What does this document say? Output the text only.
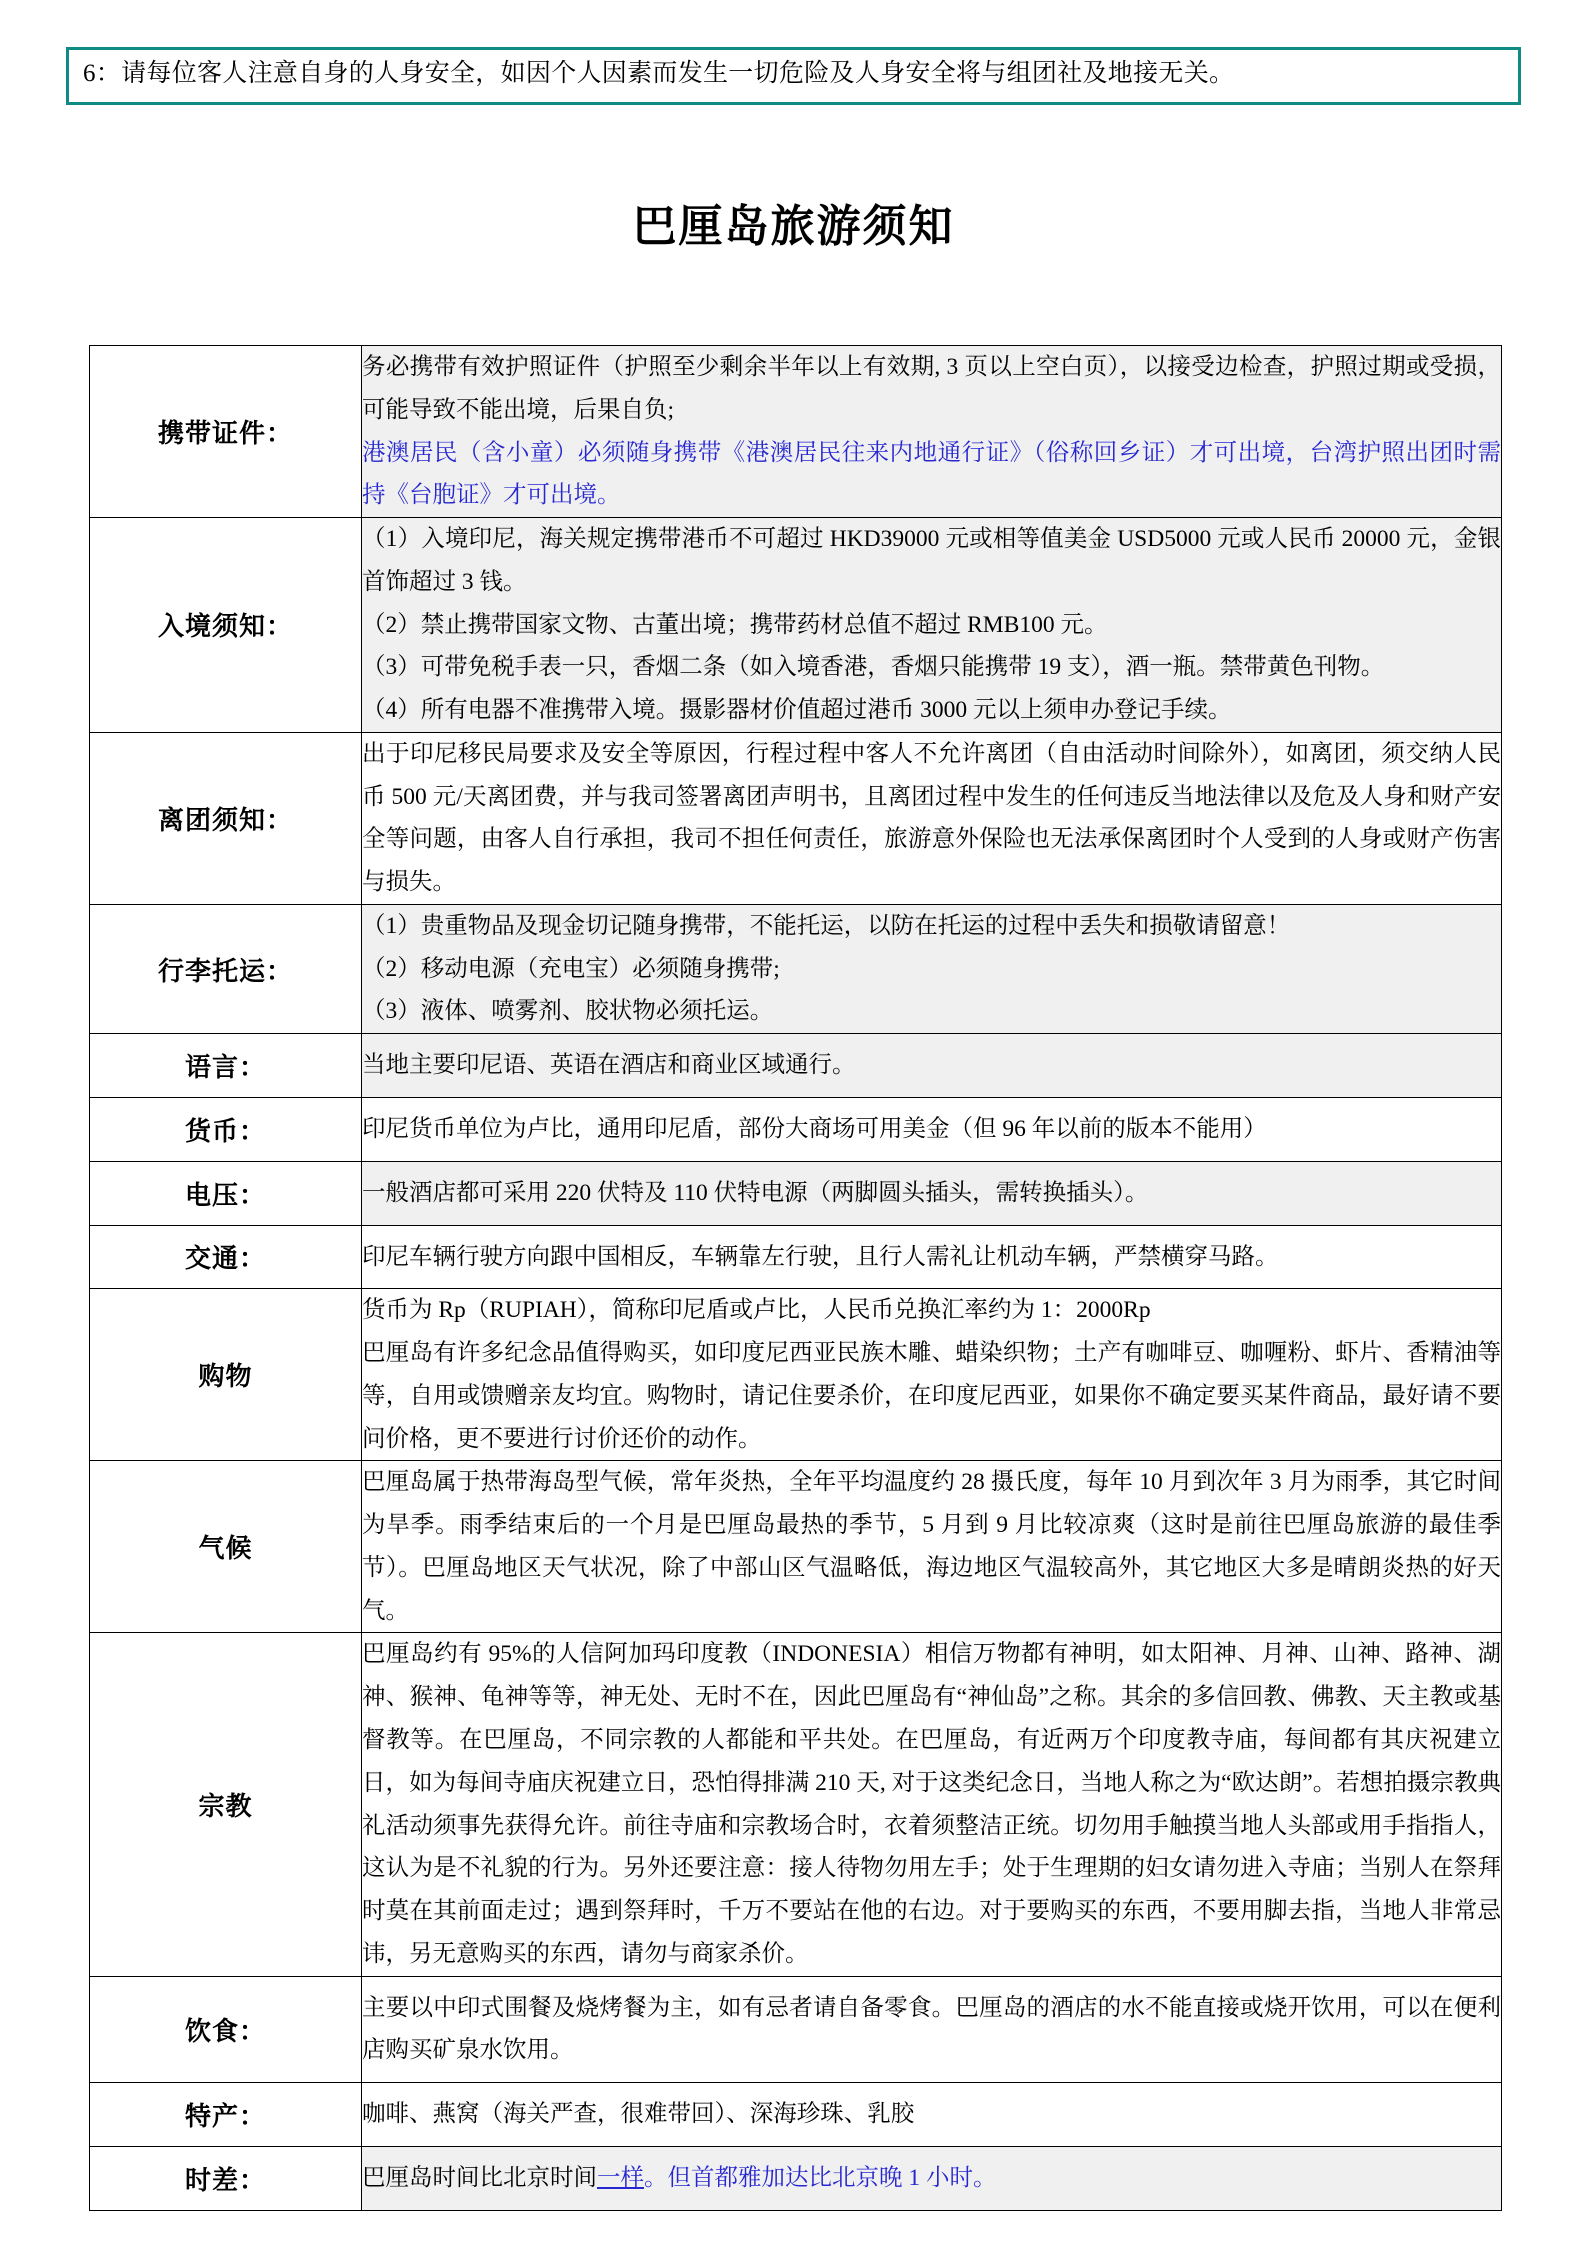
6：请每位客人注意自身的人身安全，如因个人因素而发生一切危险及人身安全将与组团社及地接无关。
巴厘岛旅游须知
携带证件：	务必携带有效护照证件（护照至少剩余半年以上有效期, 3 页以上空白页），以接受边检查，护照过期或受损，可能导致不能出境，后果自负;
港澳居民（含小童）必须随身携带《港澳居民往来内地通行证》（俗称回乡证）才可出境，台湾护照出团时需持《台胞证》才可出境。

入境须知：	（1）入境印尼，海关规定携带港币不可超过 HKD39000 元或相等值美金 USD5000 元或人民币 20000 元，金银首饰超过 3 钱。
（2）禁止携带国家文物、古董出境；携带药材总值不超过 RMB100 元。
（3）可带免税手表一只，香烟二条（如入境香港，香烟只能携带 19 支），酒一瓶。禁带黄色刊物。
（4）所有电器不准携带入境。摄影器材价值超过港币 3000 元以上须申办登记手续。

离团须知：	出于印尼移民局要求及安全等原因，行程过程中客人不允许离团（自由活动时间除外），如离团，须交纳人民币 500 元/天离团费，并与我司签署离团声明书，且离团过程中发生的任何违反当地法律以及危及人身和财产安全等问题，由客人自行承担，我司不担任何责任，旅游意外保险也无法承保离团时个人受到的人身或财产伤害与损失。

行李托运：	（1）贵重物品及现金切记随身携带，不能托运，以防在托运的过程中丢失和损敬请留意！
（2）移动电源（充电宝）必须随身携带;
（3）液体、喷雾剂、胶状物必须托运。

语言：	当地主要印尼语、英语在酒店和商业区域通行。

货币：	印尼货币单位为卢比，通用印尼盾，部份大商场可用美金（但 96 年以前的版本不能用）

电压：	一般酒店都可采用 220 伏特及 110 伏特电源（两脚圆头插头，需转换插头）。

交通：	印尼车辆行驶方向跟中国相反，车辆靠左行驶，且行人需礼让机动车辆，严禁横穿马路。

购物	货币为 Rp（RUPIAH），简称印尼盾或卢比，人民币兑换汇率约为 1：2000Rp
巴厘岛有许多纪念品值得购买，如印度尼西亚民族木雕、蜡染织物；土产有咖啡豆、咖喱粉、虾片、香精油等等，自用或馈赠亲友均宜。购物时，请记住要杀价，在印度尼西亚，如果你不确定要买某件商品，最好请不要问价格，更不要进行讨价还价的动作。

气候	巴厘岛属于热带海岛型气候，常年炎热，全年平均温度约 28 摄氏度，每年 10 月到次年 3 月为雨季，其它时间为旱季。雨季结束后的一个月是巴厘岛最热的季节，5 月到 9 月比较凉爽（这时是前往巴厘岛旅游的最佳季节）。巴厘岛地区天气状况，除了中部山区气温略低，海边地区气温较高外，其它地区大多是晴朗炎热的好天气。

宗教	巴厘岛约有 95%的人信阿加玛印度教（INDONESIA）相信万物都有神明，如太阳神、月神、山神、路神、湖神、猴神、龟神等等，神无处、无时不在，因此巴厘岛有“神仙岛”之称。其余的多信回教、佛教、天主教或基督教等。在巴厘岛，不同宗教的人都能和平共处。在巴厘岛，有近两万个印度教寺庙，每间都有其庆祝建立日，如为每间寺庙庆祝建立日，恐怕得排满 210 天, 对于这类纪念日，当地人称之为“欧达朗”。若想拍摄宗教典礼活动须事先获得允许。前往寺庙和宗教场合时，衣着须整洁正统。切勿用手触摸当地人头部或用手指指人，这认为是不礼貌的行为。另外还要注意：接人待物勿用左手；处于生理期的妇女请勿进入寺庙；当别人在祭拜时莫在其前面走过；遇到祭拜时，千万不要站在他的右边。对于要购买的东西，不要用脚去指，当地人非常忌讳，另无意购买的东西，请勿与商家杀价。

饮食：	主要以中印式围餐及烧烤餐为主，如有忌者请自备零食。巴厘岛的酒店的水不能直接或烧开饮用，可以在便利店购买矿泉水饮用。

特产：	咖啡、燕窝（海关严查，很难带回）、深海珍珠、乳胶

时差：	巴厘岛时间比北京时间一样。但首都雅加达比北京晚 1 小时。
